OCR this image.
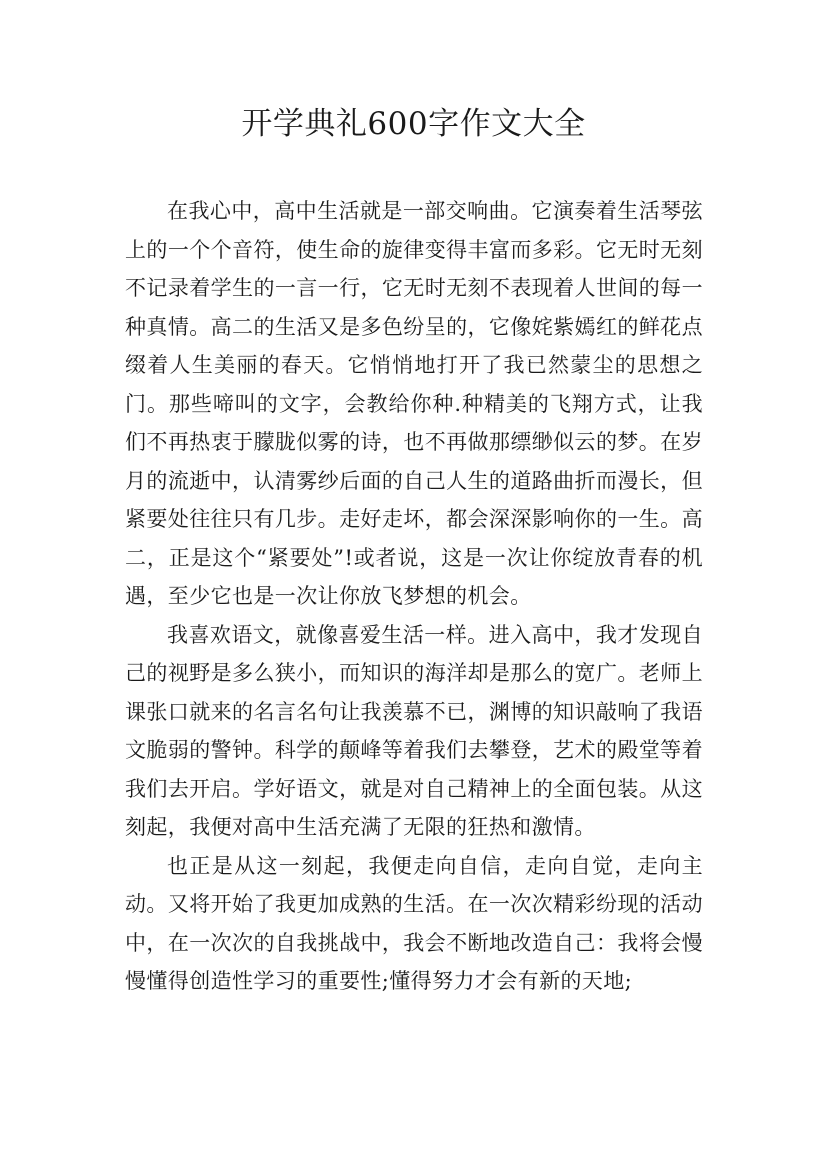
开学典礼600字作文大全

在我心中，高中生活就是一部交响曲。它演奏着生活琴弦上的一个个音符，使生命的旋律变得丰富而多彩。它无时无刻不记录着学生的一言一行，它无时无刻不表现着人世间的每一种真情。高二的生活又是多色纷呈的，它像姹紫嫣红的鲜花点缀着人生美丽的春天。它悄悄地打开了我已然蒙尘的思想之门。那些啼叫的文字，会教给你种.种精美的飞翔方式，让我们不再热衷于朦胧似雾的诗，也不再做那缥缈似云的梦。在岁月的流逝中，认清雾纱后面的自己人生的道路曲折而漫长，但紧要处往往只有几步。走好走坏，都会深深影响你的一生。高二，正是这个“紧要处”!或者说，这是一次让你绽放青春的机遇，至少它也是一次让你放飞梦想的机会。

我喜欢语文，就像喜爱生活一样。进入高中，我才发现自己的视野是多么狭小，而知识的海洋却是那么的宽广。老师上课张口就来的名言名句让我羡慕不已，渊博的知识敲响了我语文脆弱的警钟。科学的颠峰等着我们去攀登，艺术的殿堂等着我们去开启。学好语文，就是对自己精神上的全面包装。从这刻起，我便对高中生活充满了无限的狂热和激情。

也正是从这一刻起，我便走向自信，走向自觉，走向主动。又将开始了我更加成熟的生活。在一次次精彩纷现的活动中，在一次次的自我挑战中，我会不断地改造自己：我将会慢慢懂得创造性学习的重要性;懂得努力才会有新的天地;
